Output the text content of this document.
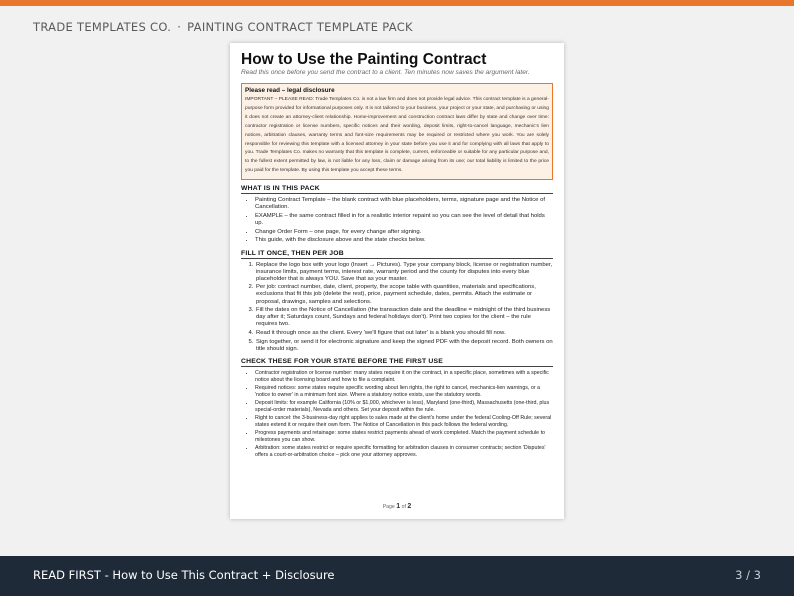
TRADE TEMPLATES CO. · PAINTING CONTRACT TEMPLATE PACK
How to Use the Painting Contract
Read this once before you send the contract to a client. Ten minutes now saves the argument later.
Please read – legal disclosure
IMPORTANT – PLEASE READ: Trade Templates Co. is not a law firm and does not provide legal advice. This contract template is a general-purpose form provided for informational purposes only. It is not tailored to your business, your project or your state, and purchasing or using it does not create an attorney-client relationship. Home-improvement and construction contract laws differ by state and change over time: contractor registration or license numbers, specific notices and their wording, deposit limits, right-to-cancel language, mechanic's lien notices, arbitration clauses, warranty terms and font-size requirements may be required or restricted where you work. You are solely responsible for reviewing this template with a licensed attorney in your state before you use it and for complying with all laws that apply to you. Trade Templates Co. makes no warranty that this template is complete, current, enforceable or suitable for any particular purpose and, to the fullest extent permitted by law, is not liable for any loss, claim or damage arising from its use; our total liability is limited to the price you paid for the template. By using this template you accept these terms.
WHAT IS IN THIS PACK
• Painting Contract Template – the blank contract with blue placeholders, terms, signature page and the Notice of Cancellation.
• EXAMPLE – the same contract filled in for a realistic interior repaint so you can see the level of detail that holds up.
• Change Order Form – one page, for every change after signing.
• This guide, with the disclosure above and the state checks below.
FILL IT ONCE, THEN PER JOB
1. Replace the logo box with your logo (Insert → Pictures). Type your company block, license or registration number, insurance limits, payment terms, interest rate, warranty period and the county for disputes into every blue placeholder that is always YOU. Save that as your master.
2. Per job: contract number, date, client, property, the scope table with quantities, materials and specifications, exclusions that fit this job (delete the rest), price, payment schedule, dates, permits. Attach the estimate or proposal, drawings, samples and selections.
3. Fill the dates on the Notice of Cancellation (the transaction date and the deadline = midnight of the third business day after it; Saturdays count, Sundays and federal holidays don't). Print two copies for the client – the rule requires two.
4. Read it through once as the client. Every 'we'll figure that out later' is a blank you should fill now.
5. Sign together, or send it for electronic signature and keep the signed PDF with the deposit record. Both owners on title should sign.
CHECK THESE FOR YOUR STATE BEFORE THE FIRST USE
• Contractor registration or license number: many states require it on the contract, in a specific place, sometimes with a specific notice about the licensing board and how to file a complaint.
• Required notices: some states require specific wording about lien rights, the right to cancel, mechanics-lien warnings, or a 'notice to owner' in a minimum font size. Where a statutory notice exists, use the statutory words.
• Deposit limits: for example California (10% or $1,000, whichever is less), Maryland (one-third), Massachusetts (one-third, plus special-order materials), Nevada and others. Set your deposit within the rule.
• Right to cancel: the 3-business-day right applies to sales made at the client's home under the federal Cooling-Off Rule; several states extend it or require their own form. The Notice of Cancellation in this pack follows the federal wording.
• Progress payments and retainage: some states restrict payments ahead of work completed. Match the payment schedule to milestones you can show.
• Arbitration: some states restrict or require specific formatting for arbitration clauses in consumer contracts; section 'Disputes' offers a court-or-arbitration choice – pick one your attorney approves.
Page 1 of 2
READ FIRST - How to Use This Contract + Disclosure	3 / 3
